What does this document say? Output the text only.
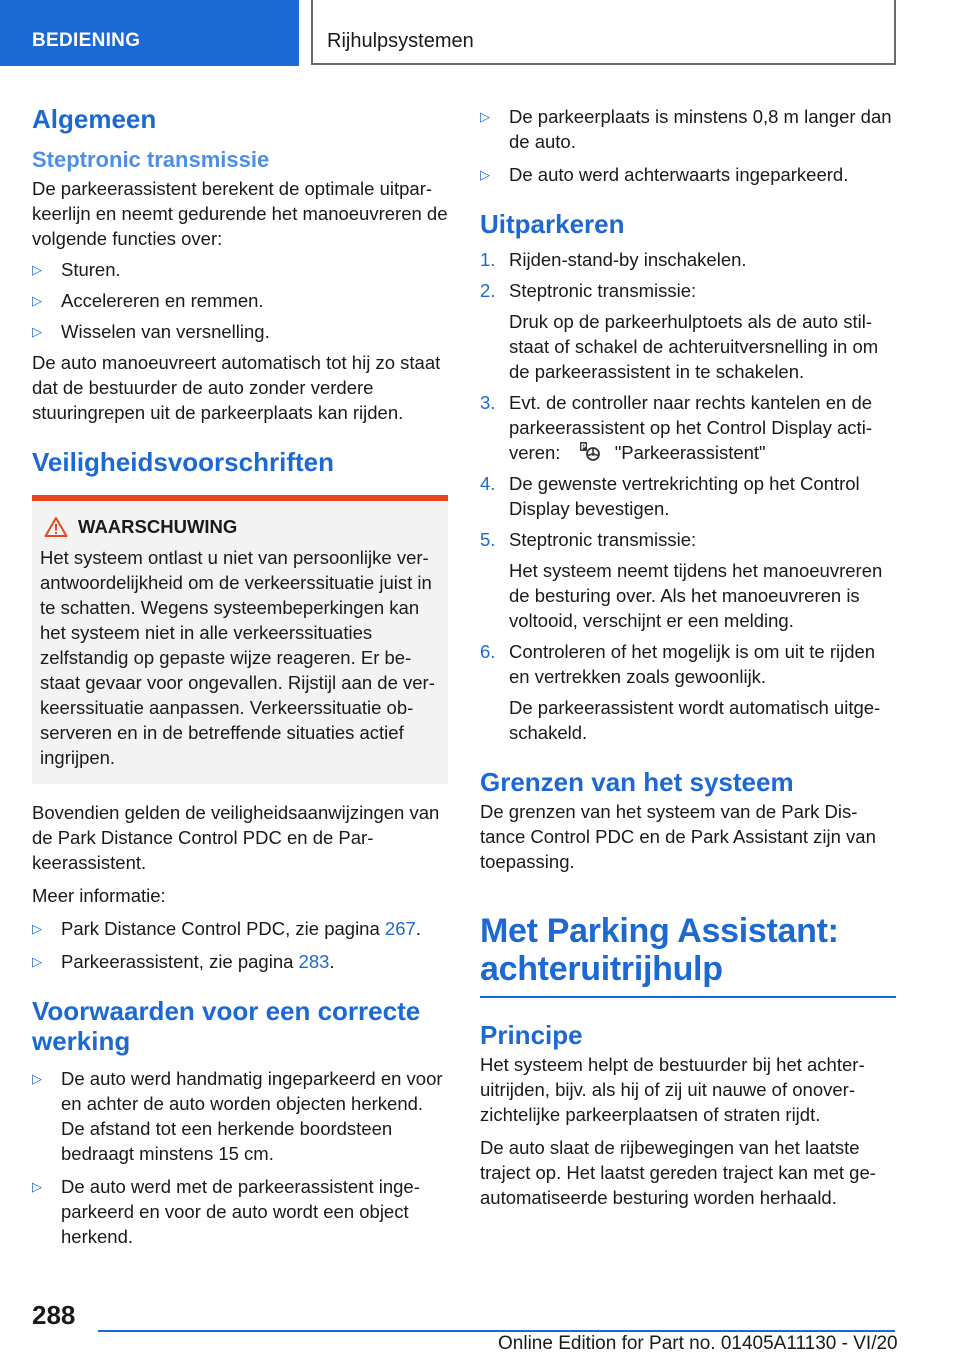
BEDIENING	Rijhulpsystemen
Algemeen
Steptronic transmissie

De parkeerassistent berekent de optimale uitparkeerlijn en neemt gedurende het manoeuvreren de volgende functies over:

▷ Sturen.
▷ Accelereren en remmen.
▷ Wisselen van versnelling.

De auto manoeuvreert automatisch tot hij zo staat dat de bestuurder de auto zonder verdere stuuringrepen uit de parkeerplaats kan rijden.

Veiligheidsvoorschriften
WAARSCHUWING

Het systeem ontlast u niet van persoonlijke verantwoordelijkheid om de verkeerssituatie juist in te schatten. Wegens systeembeperkingen kan het systeem niet in alle verkeerssituaties zelfstandig op gepaste wijze reageren. Er bestaat gevaar voor ongevallen. Rijstijl aan de verkeerssituatie aanpassen. Verkeerssituatie observeren en in de betreffende situaties actief ingrijpen.

Bovendien gelden de veiligheidsaanwijzingen van de Park Distance Control PDC en de Parkeerassistent.

Meer informatie:

▷ Park Distance Control PDC, zie pagina 267.
▷ Parkeerassistent, zie pagina 283.
Voorwaarden voor een correcte werking
▷ De auto werd handmatig ingeparkeerd en voor en achter de auto worden objecten herkend. De afstand tot een herkende boordsteen bedraagt minstens 15 cm.
▷ De auto werd met de parkeerassistent ingeparkeerd en voor de auto wordt een object herkend.
▷ De parkeerplaats is minstens 0,8 m langer dan de auto.
▷ De auto werd achterwaarts ingeparkeerd.
Uitparkeren
1. Rijden-stand-by inschakelen.
2. Steptronic transmissie:
Druk op de parkeerhulptoets als de auto stilstaat of schakel de achteruitversnelling in om de parkeerassistent in te schakelen.
3. Evt. de controller naar rechts kantelen en de parkeerassistent op het Control Display activeren:	P "Parkeerassistent"
4. De gewenste vertrekrichting op het Control Display bevestigen.
5. Steptronic transmissie:
Het systeem neemt tijdens het manoeuvreren de besturing over. Als het manoeuvreren is voltooid, verschijnt er een melding.
6. Controleren of het mogelijk is om uit te rijden en vertrekken zoals gewoonlijk.
De parkeerassistent wordt automatisch uitgeschakeld.
Grenzen van het systeem

De grenzen van het systeem van de Park Distance Control PDC en de Park Assistant zijn van toepassing.

Met Parking Assistant: achteruitrijhulp
Principe

Het systeem helpt de bestuurder bij het achteruitrijden, bijv. als hij of zij uit nauwe of onoverzichtelijke parkeerplaatsen of straten rijdt.

De auto slaat de rijbewegingen van het laatste traject op. Het laatst gereden traject kan met geautomatiseerde besturing worden herhaald.

288
Online Edition for Part no. 01405A11130 - VI/20
